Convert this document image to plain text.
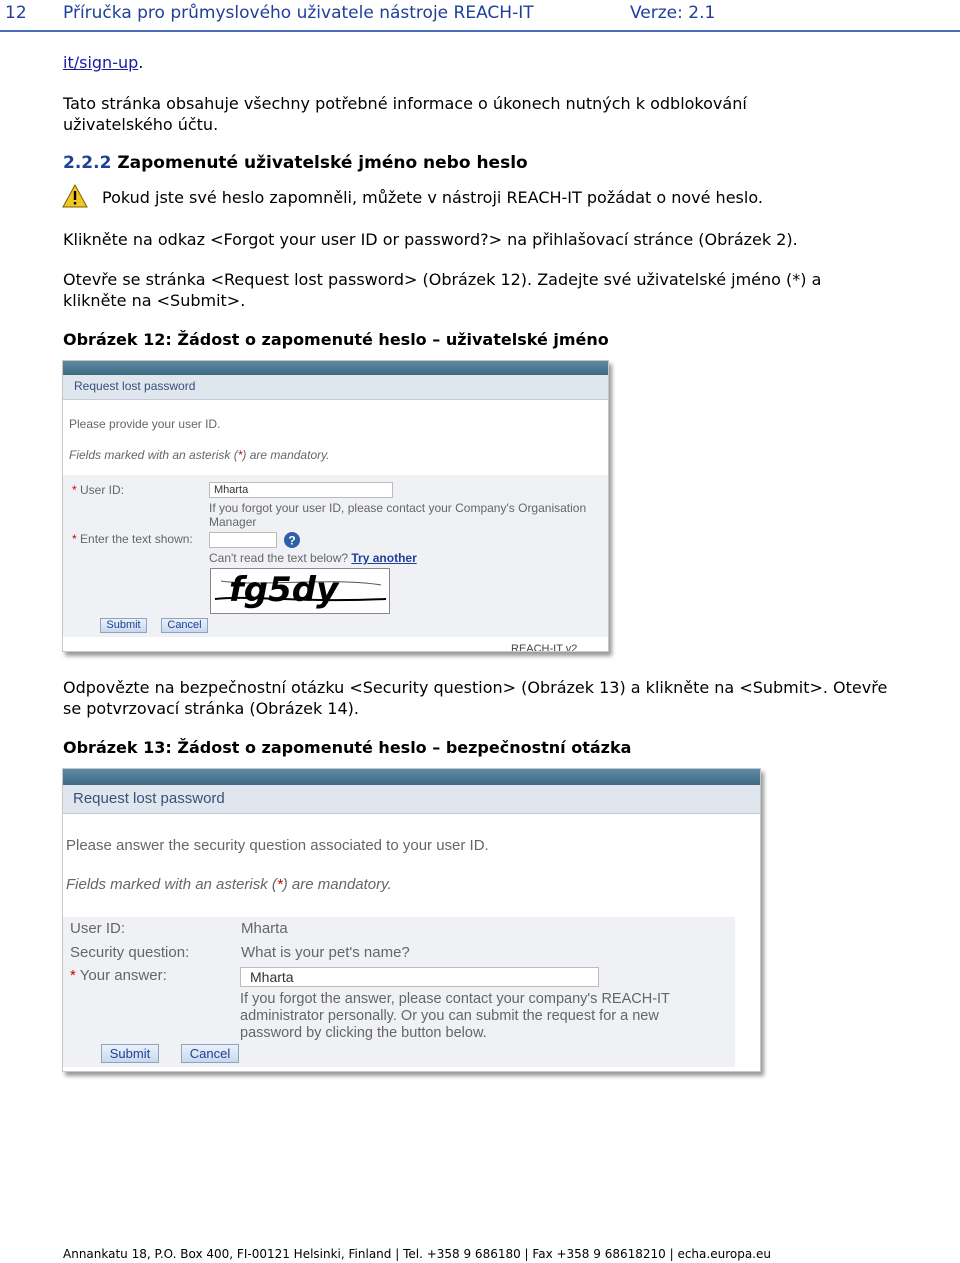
12 Příručka pro průmyslového uživatele nástroje REACH-IT	Verze: 2.1
it/sign-up.
Tato stránka obsahuje všechny potřebné informace o úkonech nutných k odblokování uživatelského účtu.
2.2.2 Zapomenuté uživatelské jméno nebo heslo
Pokud jste své heslo zapomněli, můžete v nástroji REACH-IT požádat o nové heslo.
Klikněte na odkaz <Forgot your user ID or password?> na přihlašovací stránce (Obrázek 2).
Otevře se stránka <Request lost password> (Obrázek 12). Zadejte své uživatelské jméno (*) a klikněte na <Submit>.
Obrázek 12: Žádost o zapomenuté heslo – uživatelské jméno
Request lost password
Please provide your user ID.
Fields marked with an asterisk (*) are mandatory.
* User ID:	Mharta
If you forgot your user ID, please contact your Company's Organisation
Manager
* Enter the text shown:	?
Can't read the text below? Try another
fg5dy
Submit	Cancel
REACH-IT v2
Odpovězte na bezpečnostní otázku <Security question> (Obrázek 13) a klikněte na <Submit>. Otevře se potvrzovací stránka (Obrázek 14).
Obrázek 13: Žádost o zapomenuté heslo – bezpečnostní otázka
Request lost password
Please answer the security question associated to your user ID.
Fields marked with an asterisk (*) are mandatory.
User ID:	Mharta
Security question:	What is your pet's name?
* Your answer:	Mharta
If you forgot the answer, please contact your company's REACH-IT
administrator personally. Or you can submit the request for a new
password by clicking the button below.
Submit	Cancel
Annankatu 18, P.O. Box 400, FI-00121 Helsinki, Finland | Tel. +358 9 686180 | Fax +358 9 68618210 | echa.europa.eu
